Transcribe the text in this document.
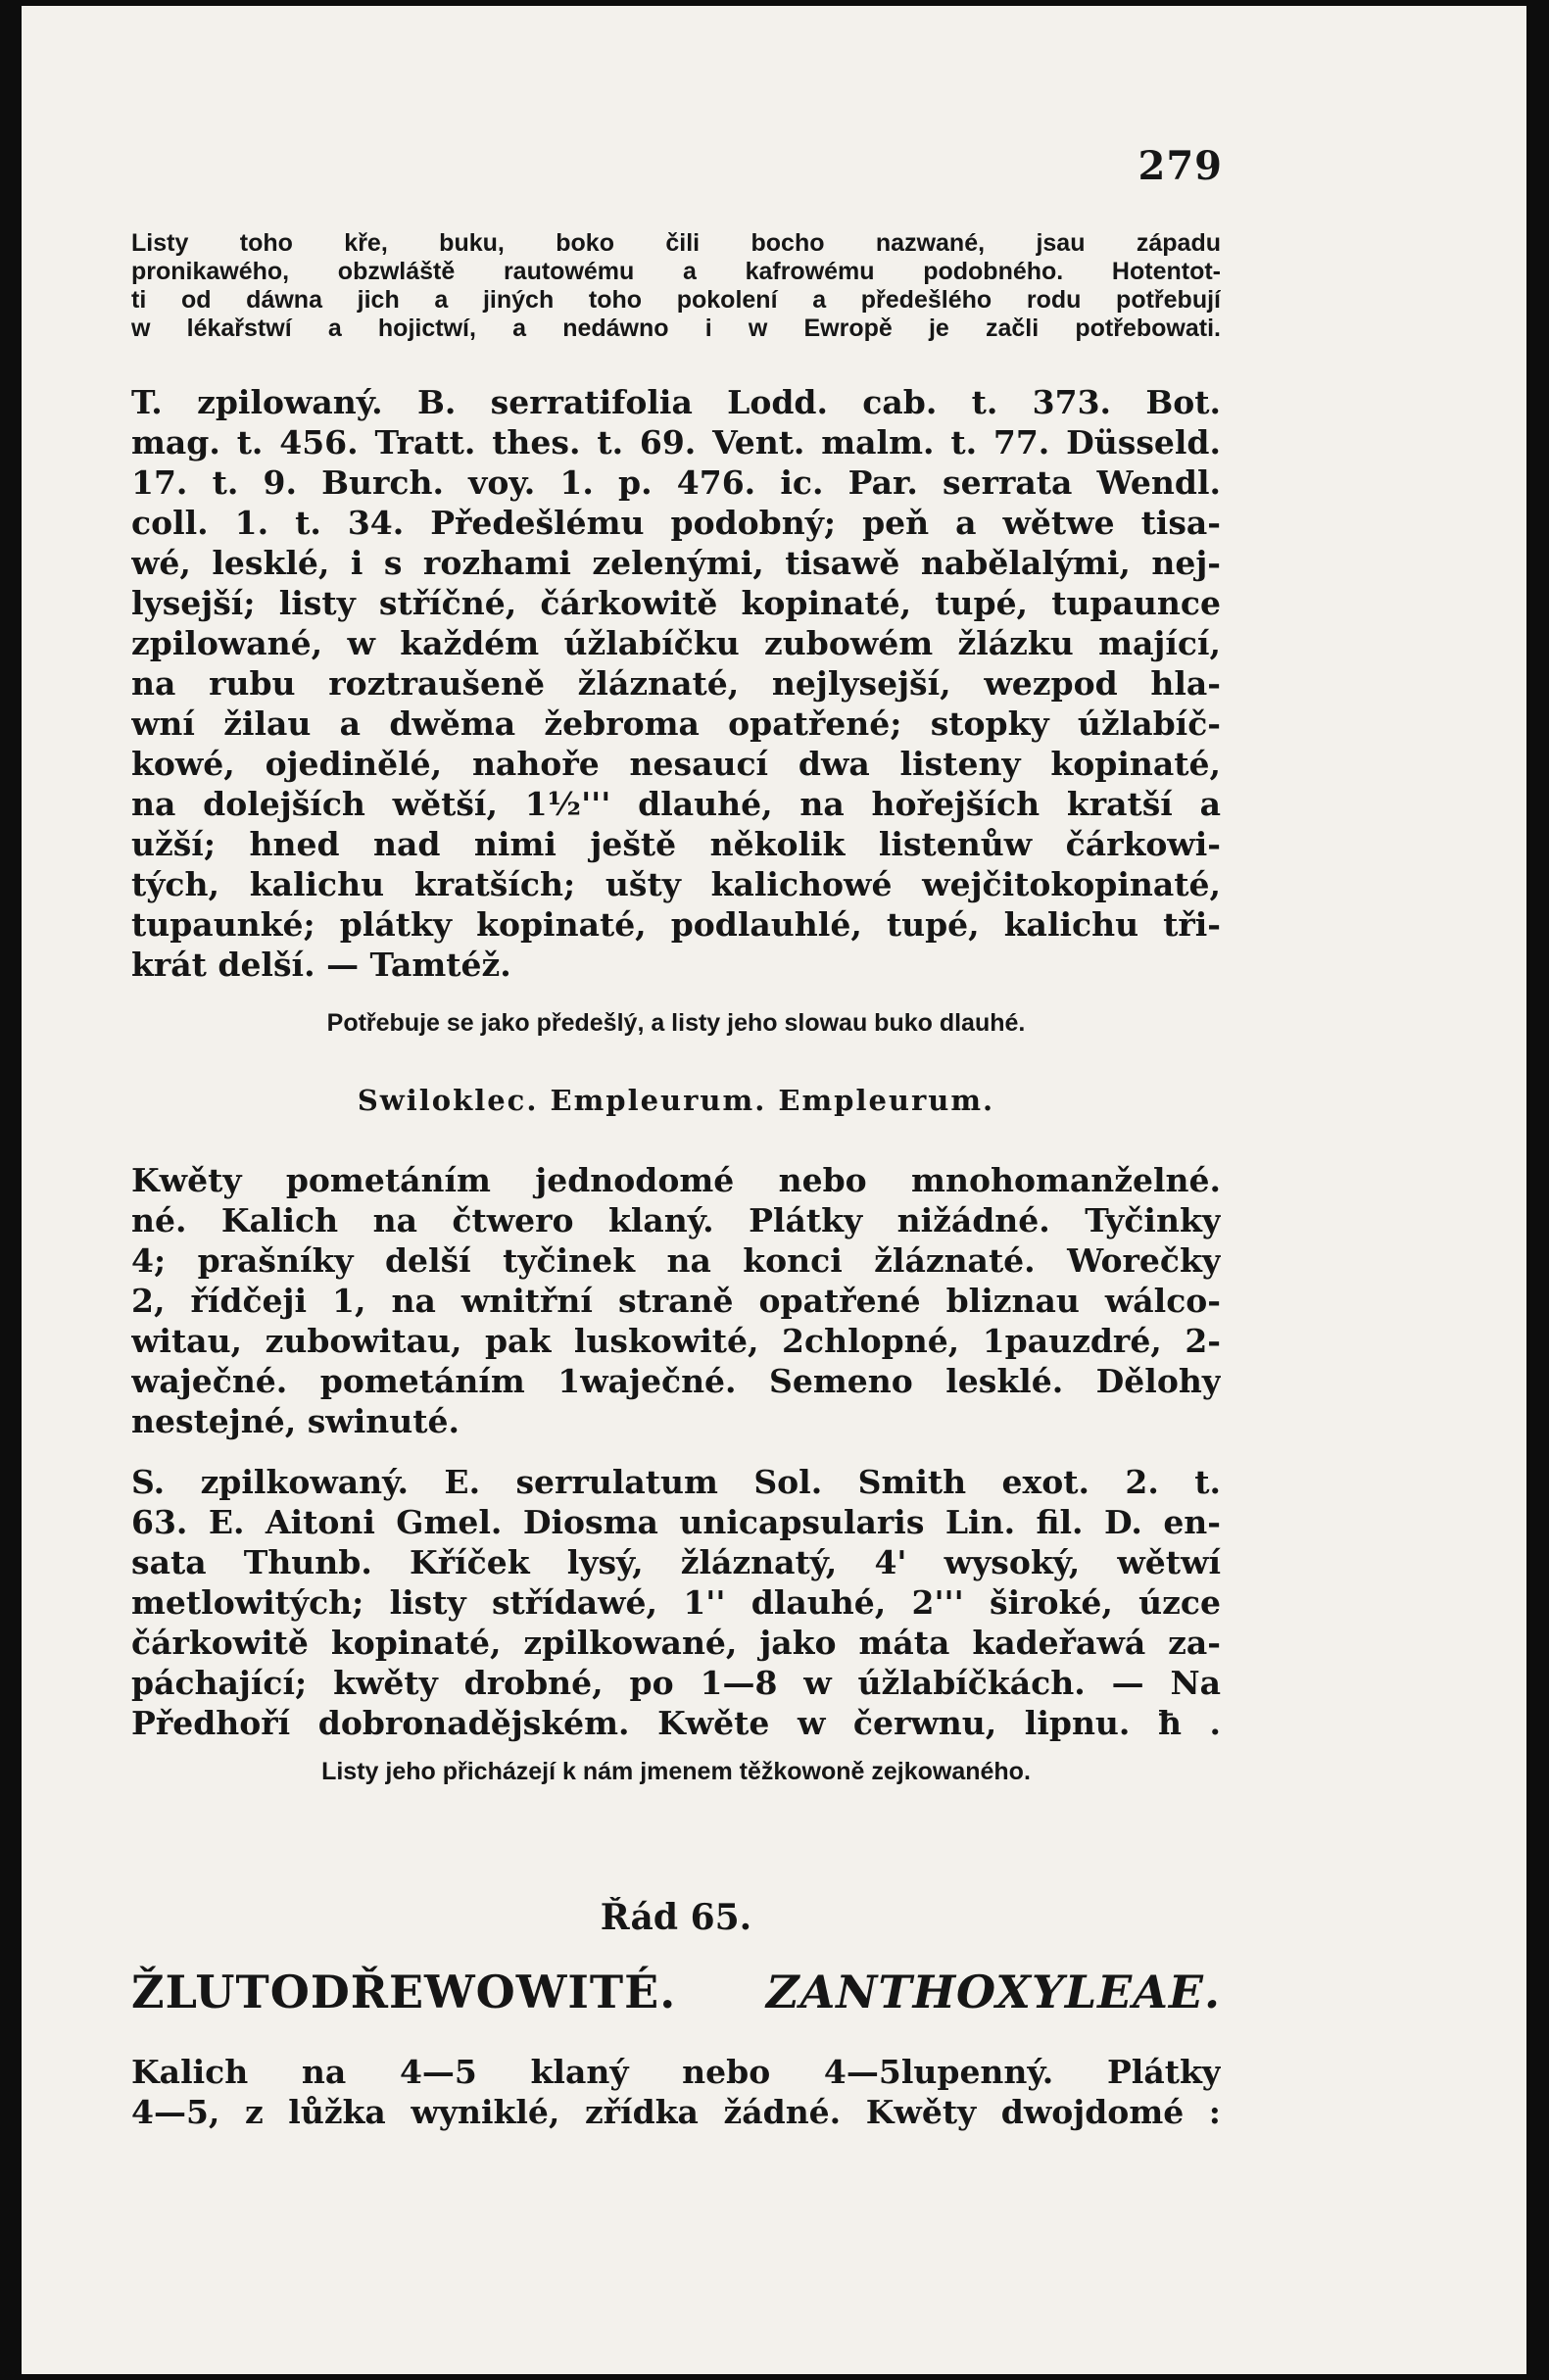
279
Listy toho kře, buku, boko čili bocho nazwané, jsau západu
pronikawého, obzwláště rautowému a kafrowému podobného. Hotentot-
ti od dáwna jich a jiných toho pokolení a předešlého rodu potřebují
w lékařstwí a hojictwí, a nedáwno i w Ewropě je začli potřebowati.
T. zpilowaný. B. serratifolia Lodd. cab. t. 373. Bot.
mag. t. 456. Tratt. thes. t. 69. Vent. malm. t. 77. Düsseld.
17. t. 9. Burch. voy. 1. p. 476. ic. Par. serrata Wendl.
coll. 1. t. 34. Předešlému podobný; peň a wětwe tisa-
wé, lesklé, i s rozhami zelenými, tisawě nabělalými, nej-
lysejší; listy stříčné, čárkowitě kopinaté, tupé, tupaunce
zpilowané, w každém úžlabíčku zubowém žlázku mající,
na rubu roztraušeně žláznaté, nejlysejší, wezpod hla-
wní žilau a dwěma žebroma opatřené; stopky úžlabíč-
kowé, ojedinělé, nahoře nesaucí dwa listeny kopinaté,
na dolejších wětší, 1½''' dlauhé, na hořejších kratší a
užší; hned nad nimi ještě několik listenůw čárkowi-
tých, kalichu kratších; ušty kalichowé wejčitokopinaté,
tupaunké; plátky kopinaté, podlauhlé, tupé, kalichu tři-
krát delší. — Tamtéž.
Potřebuje se jako předešlý, a listy jeho slowau buko dlauhé.
Swiloklec. Empleurum. Empleurum.
Kwěty pometáním jednodomé nebo mnohomanželné.
né. Kalich na čtwero klaný. Plátky nižádné. Tyčinky
4; prašníky delší tyčinek na konci žláznaté. Worečky
2, řídčeji 1, na wnitřní straně opatřené bliznau wálco-
witau, zubowitau, pak luskowité, 2chlopné, 1pauzdré, 2-
waječné. pometáním 1waječné. Semeno lesklé. Dělohy
nestejné, swinuté.
S. zpilkowaný. E. serrulatum Sol. Smith exot. 2. t.
63. E. Aitoni Gmel. Diosma unicapsularis Lin. fil. D. en-
sata Thunb. Kříček lysý, žláznatý, 4' wysoký, wětwí
metlowitých; listy střídawé, 1'' dlauhé, 2''' široké, úzce
čárkowitě kopinaté, zpilkowané, jako máta kadeřawá za-
páchající; kwěty drobné, po 1—8 w úžlabíčkách. — Na
Předhoří dobronadějském. Kwěte w čerwnu, lipnu. ħ .
Listy jeho přicházejí k nám jmenem těžkowoně zejkowaného.
Řád 65.
ŽLUTODŘEWOWITÉ. ZANTHOXYLEAE.
Kalich na 4—5 klaný nebo 4—5lupenný. Plátky
4—5, z lůžka wyniklé, zřídka žádné. Kwěty dwojdomé :
